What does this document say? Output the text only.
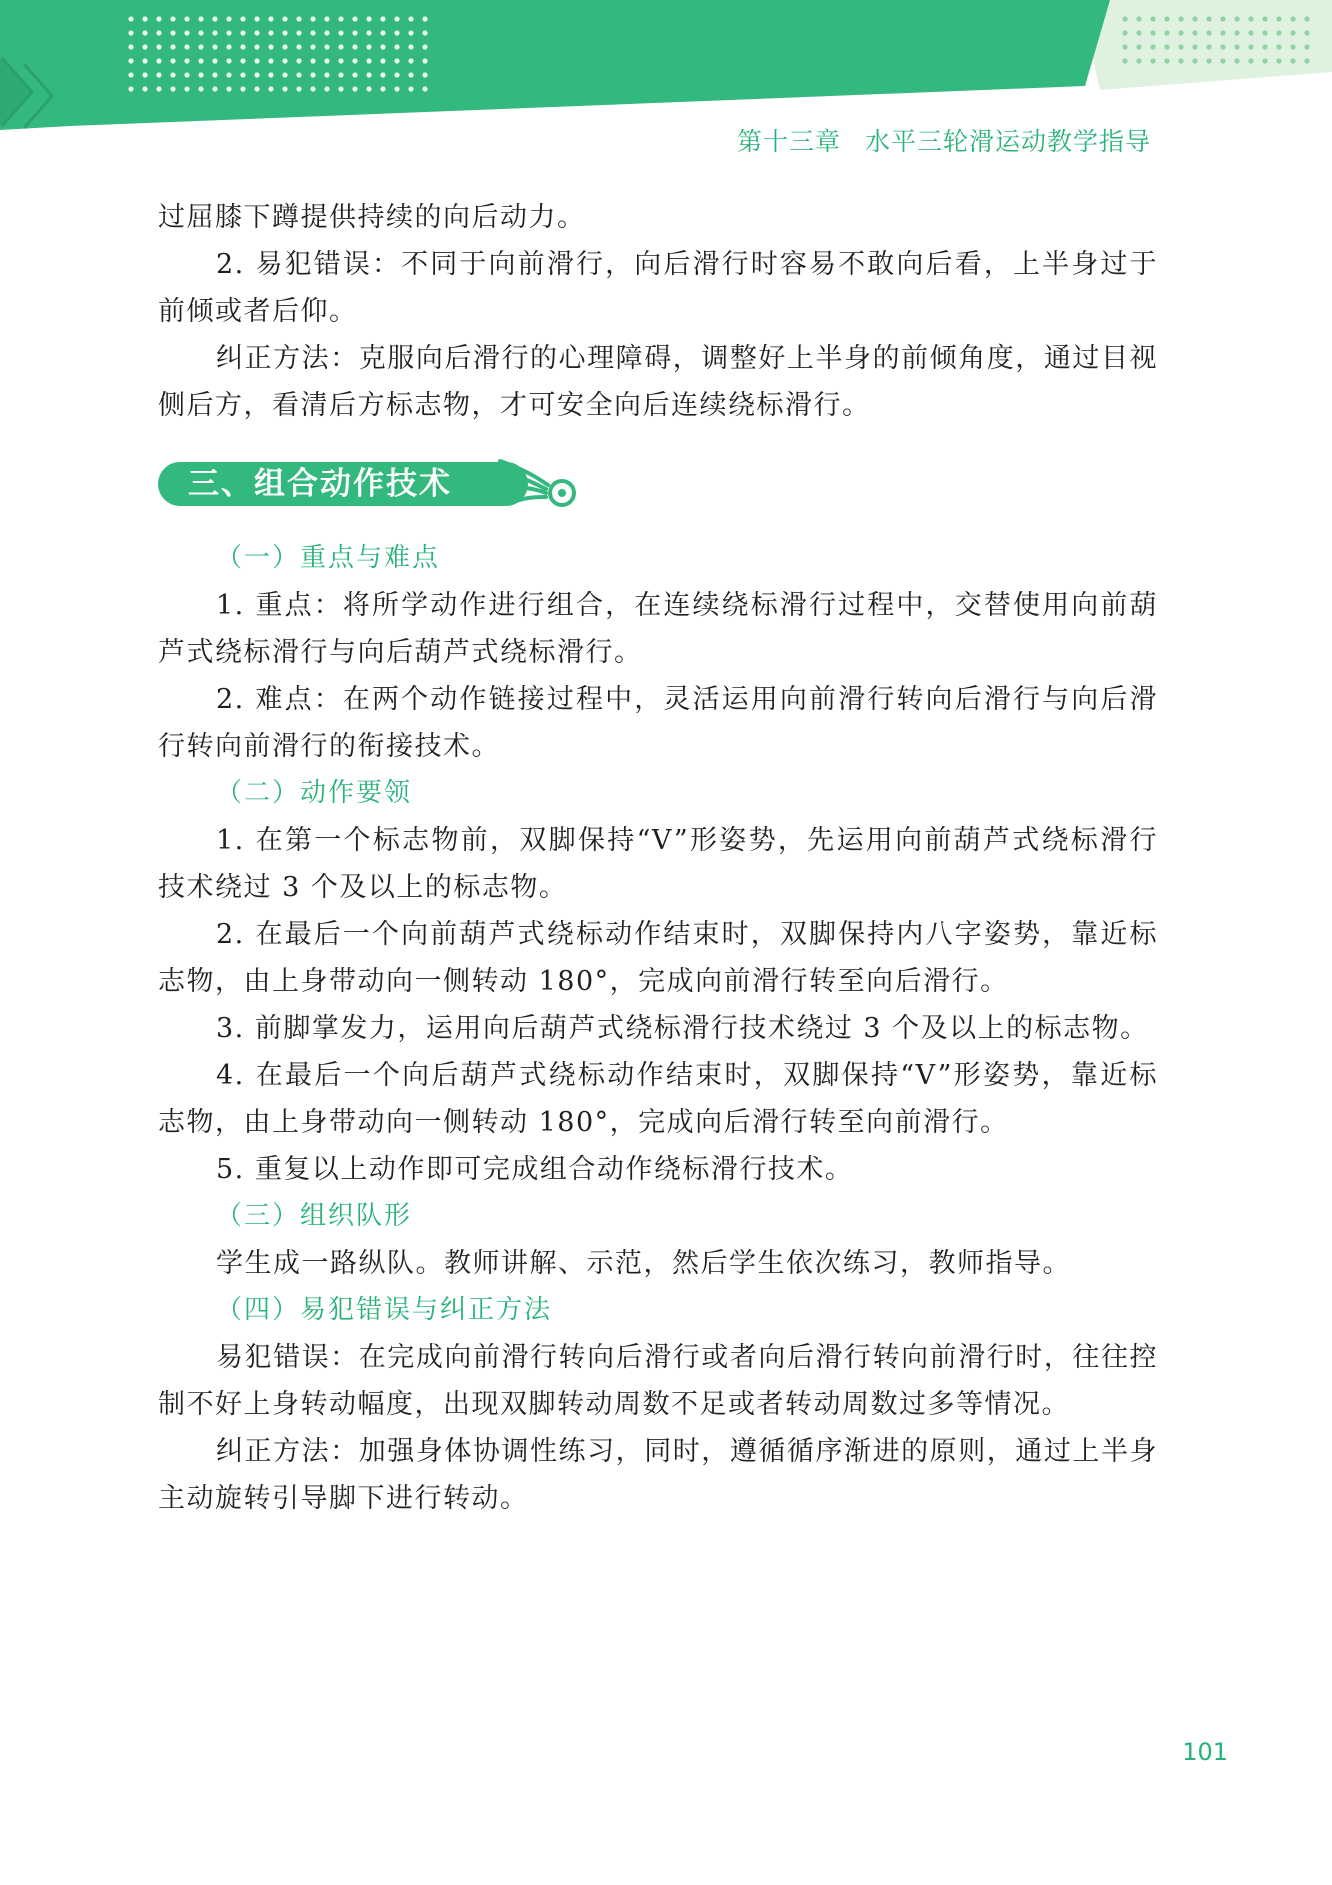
第十三章 水平三轮滑运动教学指导

过屈膝下蹲提供持续的向后动力。

2. 易犯错误：不同于向前滑行，向后滑行时容易不敢向后看，上半身过于前倾或者后仰。

纠正方法：克服向后滑行的心理障碍，调整好上半身的前倾角度，通过目视侧后方，看清后方标志物，才可安全向后连续绕标滑行。

三、组合动作技术

（一）重点与难点

1. 重点：将所学动作进行组合，在连续绕标滑行过程中，交替使用向前葫芦式绕标滑行与向后葫芦式绕标滑行。

2. 难点：在两个动作链接过程中，灵活运用向前滑行转向后滑行与向后滑行转向前滑行的衔接技术。

（二）动作要领

1. 在第一个标志物前，双脚保持“V”形姿势，先运用向前葫芦式绕标滑行技术绕过 3 个及以上的标志物。

2. 在最后一个向前葫芦式绕标动作结束时，双脚保持内八字姿势，靠近标志物，由上身带动向一侧转动 180°，完成向前滑行转至向后滑行。

3. 前脚掌发力，运用向后葫芦式绕标滑行技术绕过 3 个及以上的标志物。

4. 在最后一个向后葫芦式绕标动作结束时，双脚保持“V”形姿势，靠近标志物，由上身带动向一侧转动 180°，完成向后滑行转至向前滑行。

5. 重复以上动作即可完成组合动作绕标滑行技术。

（三）组织队形

学生成一路纵队。教师讲解、示范，然后学生依次练习，教师指导。

（四）易犯错误与纠正方法

易犯错误：在完成向前滑行转向后滑行或者向后滑行转向前滑行时，往往控制不好上身转动幅度，出现双脚转动周数不足或者转动周数过多等情况。

纠正方法：加强身体协调性练习，同时，遵循循序渐进的原则，通过上半身主动旋转引导脚下进行转动。

101
